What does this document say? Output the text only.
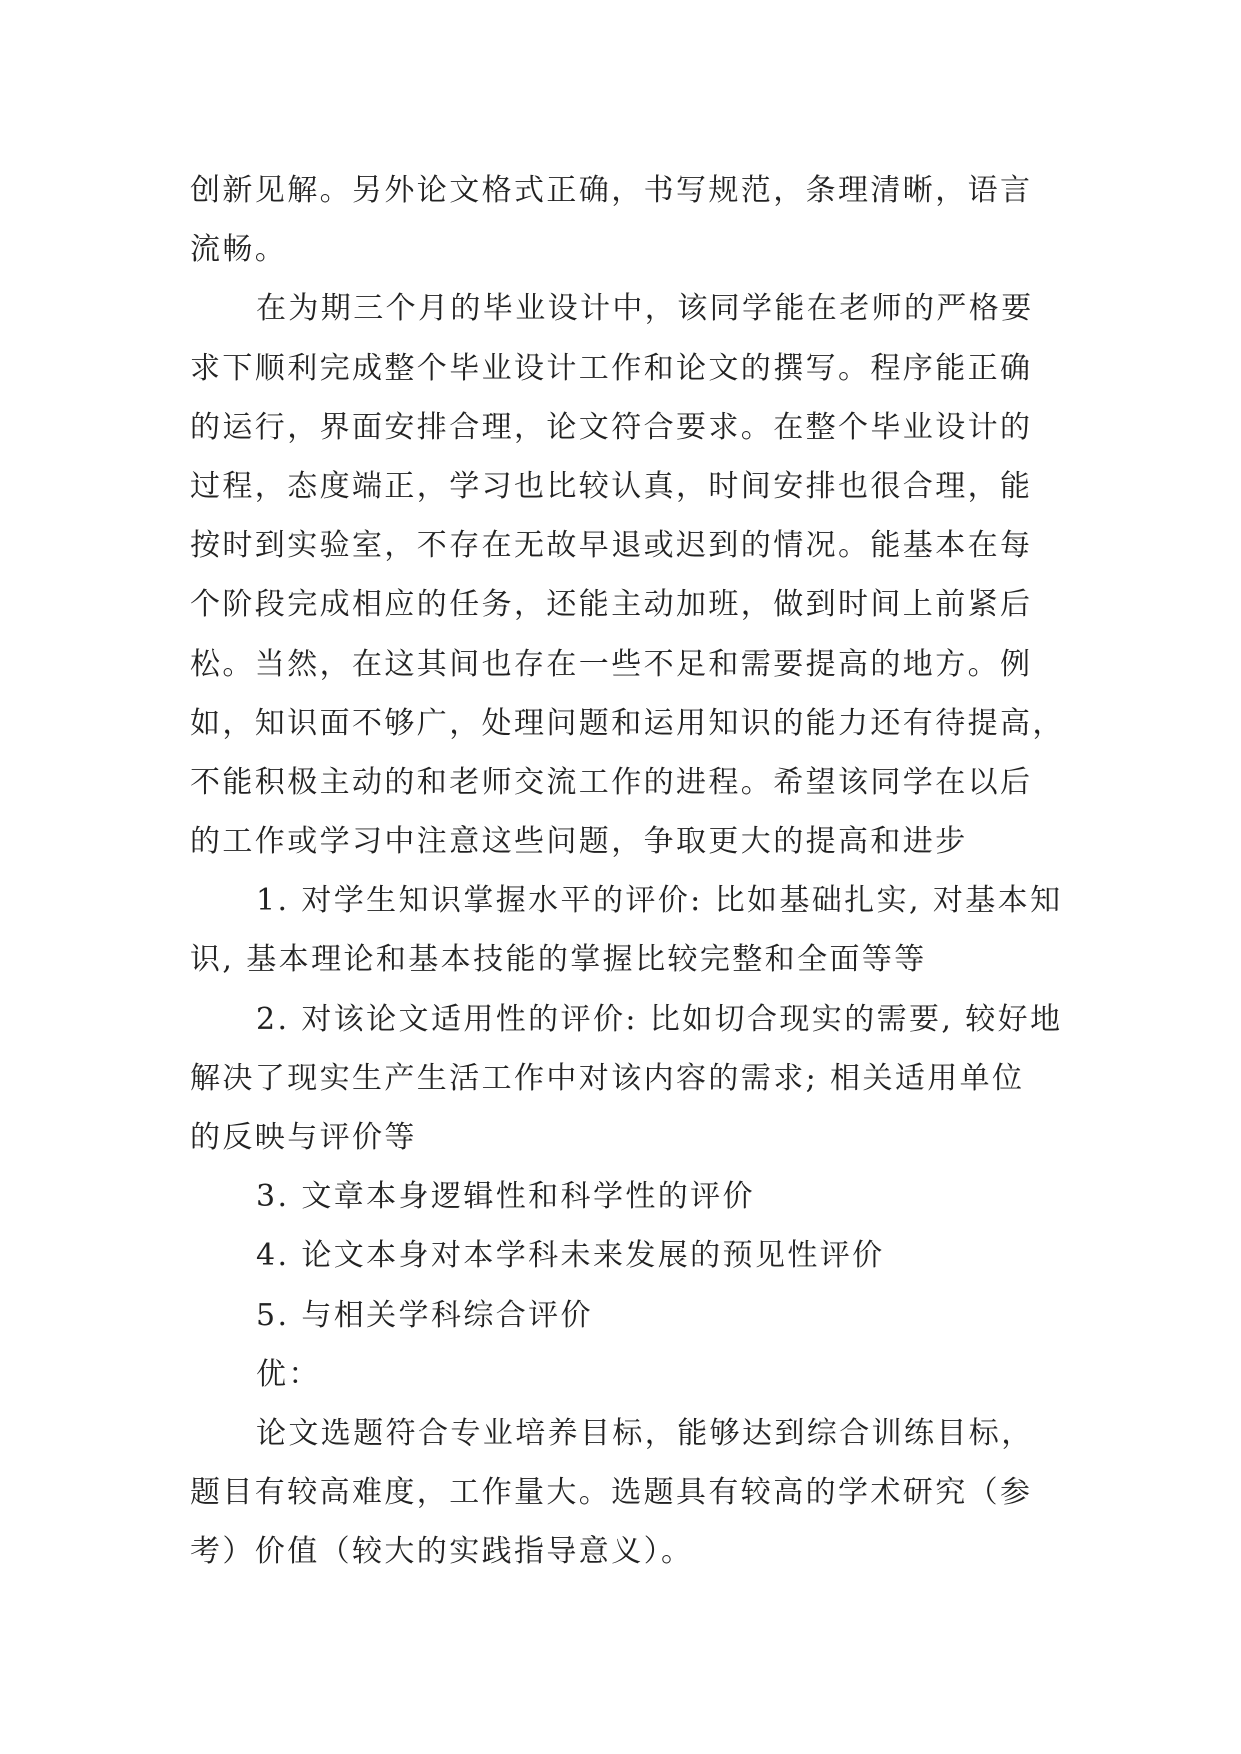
创新见解。另外论文格式正确，书写规范，条理清晰，语言
流畅。
在为期三个月的毕业设计中，该同学能在老师的严格要
求下顺利完成整个毕业设计工作和论文的撰写。程序能正确
的运行，界面安排合理，论文符合要求。在整个毕业设计的
过程，态度端正，学习也比较认真，时间安排也很合理，能
按时到实验室，不存在无故早退或迟到的情况。能基本在每
个阶段完成相应的任务，还能主动加班，做到时间上前紧后
松。当然，在这其间也存在一些不足和需要提高的地方。例
如，知识面不够广，处理问题和运用知识的能力还有待提高，
不能积极主动的和老师交流工作的进程。希望该同学在以后
的工作或学习中注意这些问题，争取更大的提高和进步
1. 对学生知识掌握水平的评价: 比如基础扎实, 对基本知
识, 基本理论和基本技能的掌握比较完整和全面等等
2. 对该论文适用性的评价: 比如切合现实的需要, 较好地
解决了现实生产生活工作中对该内容的需求; 相关适用单位
的反映与评价等
3. 文章本身逻辑性和科学性的评价
4. 论文本身对本学科未来发展的预见性评价
5. 与相关学科综合评价
优：
论文选题符合专业培养目标，能够达到综合训练目标，
题目有较高难度，工作量大。选题具有较高的学术研究（参
考）价值（较大的实践指导意义）。
